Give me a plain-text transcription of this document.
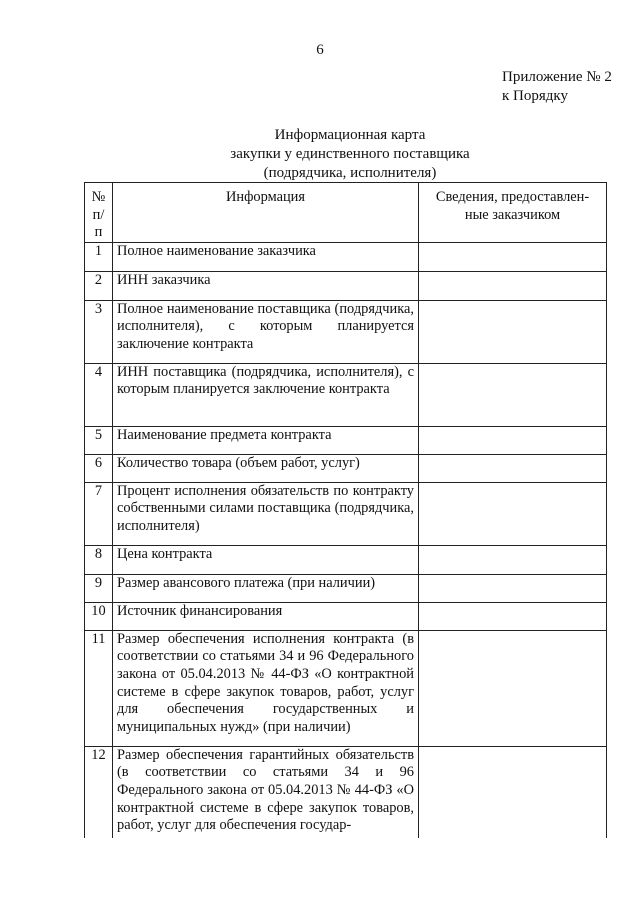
6
Приложение № 2
к Порядку
Информационная карта
закупки у единственного поставщика
(подрядчика, исполнителя)
№ п/п	Информация	Сведения, предоставлен- ные заказчиком
1	Полное наименование заказчика	
2	ИНН заказчика	
3	Полное наименование поставщика (подрядчика, исполнителя), с которым планируется заключение контракта	
4	ИНН поставщика (подрядчика, исполнителя), с которым планируется заключение контракта	
5	Наименование предмета контракта	
6	Количество товара (объем работ, услуг)	
7	Процент исполнения обязательств по контракту собственными силами поставщика (подрядчика, исполнителя)	
8	Цена контракта	
9	Размер авансового платежа (при наличии)	
10	Источник финансирования	
11	Размер обеспечения исполнения контракта (в соответствии со статьями 34 и 96 Федерального закона от 05.04.2013 № 44-ФЗ «О контрактной системе в сфере закупок товаров, работ, услуг для обеспечения государственных и муниципальных нужд» (при наличии)	
12	Размер обеспечения гарантийных обязательств (в соответствии со статьями 34 и 96 Федерального закона от 05.04.2013 № 44-ФЗ «О контрактной системе в сфере закупок товаров, работ, услуг для обеспечения государ-	
